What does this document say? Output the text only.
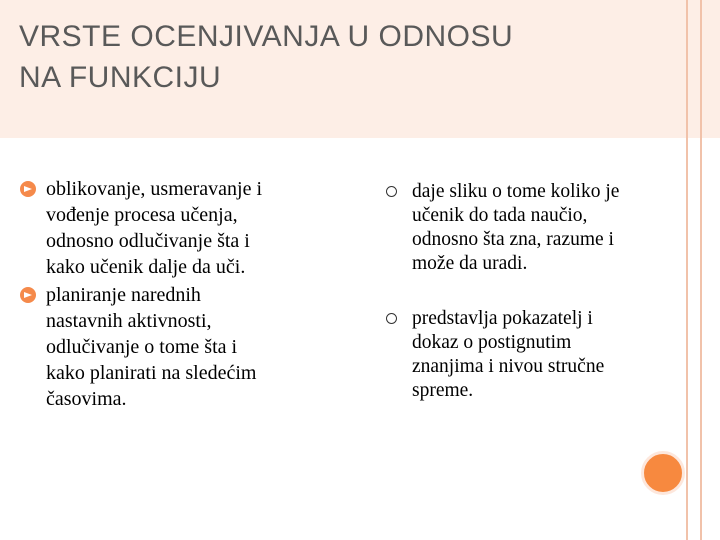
VRSTE OCENJIVANJA U ODNOSU
NA FUNKCIJU
oblikovanje, usmeravanje i
vođenje procesa učenja,
odnosno odlučivanje šta i
kako učenik dalje da uči.
planiranje narednih
nastavnih aktivnosti,
odlučivanje o tome šta i
kako planirati na sledećim
časovima.
daje sliku o tome koliko je
učenik do tada naučio,
odnosno šta zna, razume i
može da uradi.
predstavlja pokazatelj i
dokaz o postignutim
znanjima i nivou stručne
spreme.
